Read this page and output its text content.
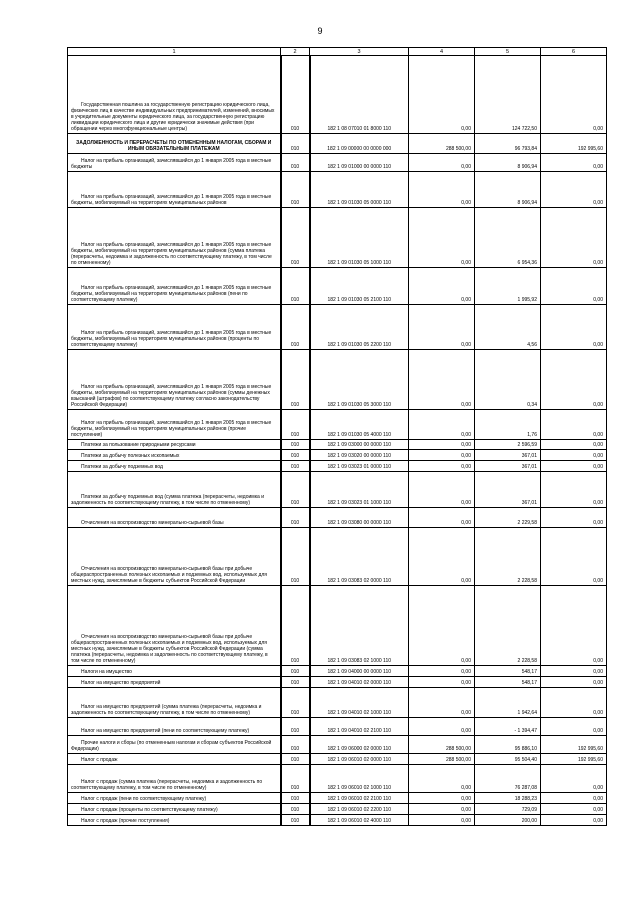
9
1	2	3	4	5	6

Государственная пошлина за государственную регистрацию юридического лица, физических лиц в качестве индивидуальных предпринимателей, изменений, вносимых в учредительные документы юридического лица, за государственную регистрацию ликвидации юридического лица и другие юридически значимые действия (при обращении через многофункциональные центры)	010	182 1 08 07010 01 8000 110	0,00	124 722,50	0,00

ЗАДОЛЖЕННОСТЬ И ПЕРЕРАСЧЕТЫ ПО ОТМЕНЕННЫМ НАЛОГАМ, СБОРАМ И ИНЫМ ОБЯЗАТЕЛЬНЫМ ПЛАТЕЖАМ	010	182 1 09 00000 00 0000 000	288 500,00	96 793,84	192 995,60

Налог на прибыль организаций, зачислявшийся до 1 января 2005 года в местные бюджеты	010	182 1 09 01000 00 0000 110	0,00	8 906,94	0,00

Налог на прибыль организаций, зачислявшийся до 1 января 2005 года в местные бюджеты, мобилизуемый на территориях муниципальных районов	010	182 1 09 01030 05 0000 110	0,00	8 906,94	0,00

Налог на прибыль организаций, зачислявшийся до 1 января 2005 года в местные бюджеты, мобилизуемый на территориях муниципальных районов (сумма платежа (перерасчеты, недоимка и задолженность по соответствующему платежу, в том числе по отмененному)	010	182 1 09 01030 05 1000 110	0,00	6 954,36	0,00

Налог на прибыль организаций, зачислявшийся до 1 января 2005 года в местные бюджеты, мобилизуемый на территориях муниципальных районов (пени по соответствующему платежу)	010	182 1 09 01030 05 2100 110	0,00	1 995,92	0,00

Налог на прибыль организаций, зачислявшийся до 1 января 2005 года в местные бюджеты, мобилизуемый на территориях муниципальных районов (проценты по соответствующему платежу)	010	182 1 09 01030 05 2200 110	0,00	4,56	0,00

Налог на прибыль организаций, зачислявшийся до 1 января 2005 года в местные бюджеты, мобилизуемый на территориях муниципальных районов (суммы денежных взысканий (штрафов) по соответствующему платежу согласно законодательству Российской Федерации)	010	182 1 09 01030 05 3000 110	0,00	0,34	0,00

Налог на прибыль организаций, зачислявшийся до 1 января 2005 года в местные бюджеты, мобилизуемый на территориях муниципальных районов (прочие поступления)	010	182 1 09 01030 05 4000 110	0,00	1,76	0,00

Платежи за пользование природными ресурсами	010	182 1 09 03000 00 0000 110	0,00	2 596,59	0,00

Платежи за добычу полезных ископаемых	010	182 1 09 03020 00 0000 110	0,00	367,01	0,00

Платежи за добычу подземных вод	010	182 1 09 03023 01 0000 110	0,00	367,01	0,00

Платежи за добычу подземных вод (сумма платежа (перерасчеты, недоимка и задолженность по соответствующему платежу, в том числе по отмененному)	010	182 1 09 03023 01 1000 110	0,00	367,01	0,00

Отчисления на воспроизводство минерально-сырьевой базы	010	182 1 09 03080 00 0000 110	0,00	2 229,58	0,00

Отчисления на воспроизводство минерально-сырьевой базы при добыче общераспространенных полезных ископаемых и подземных вод, используемых для местных нужд, зачисляемые в бюджеты субъектов Российской Федерации	010	182 1 09 03083 02 0000 110	0,00	2 228,58	0,00

Отчисления на воспроизводство минерально-сырьевой базы при добыче общераспространенных полезных ископаемых и подземных вод, используемых для местных нужд, зачисляемые в бюджеты субъектов Российской Федерации (сумма платежа (перерасчеты, недоимка и задолженность по соответствующему платежу, в том числе по отмененному)	010	182 1 09 03083 02 1000 110	0,00	2 228,58	0,00

Налоги на имущество	010	182 1 09 04000 00 0000 110	0,00	548,17	0,00

Налог на имущество предприятий	010	182 1 09 04010 02 0000 110	0,00	548,17	0,00

Налог на имущество предприятий (сумма платежа (перерасчеты, недоимка и задолженность по соответствующему платежу, в том числе по отмененному)	010	182 1 09 04010 02 1000 110	0,00	1 942,64	0,00

Налог на имущество предприятий (пени по соответствующему платежу)	010	182 1 09 04010 02 2100 110	0,00	- 1 394,47	0,00

Прочие налоги и сборы (по отмененным налогам и сборам субъектов Российской Федерации)	010	182 1 09 06000 02 0000 110	288 500,00	95 886,10	192 995,60

Налог с продаж	010	182 1 09 06010 02 0000 110	288 500,00	95 504,40	192 995,60

Налог с продаж (сумма платежа (перерасчеты, недоимка и задолженность по соответствующему платежу, в том числе по отмененному)	010	182 1 09 06010 02 1000 110	0,00	76 287,08	0,00

Налог с продаж (пени по соответствующему платежу)	010	182 1 09 06010 02 2100 110	0,00	18 288,23	0,00

Налог с продаж (проценты по соответствующему платежу)	010	182 1 09 06010 02 2200 110	0,00	729,09	0,00

Налог с продаж (прочие поступления)	010	182 1 09 06010 02 4000 110	0,00	200,00	0,00
